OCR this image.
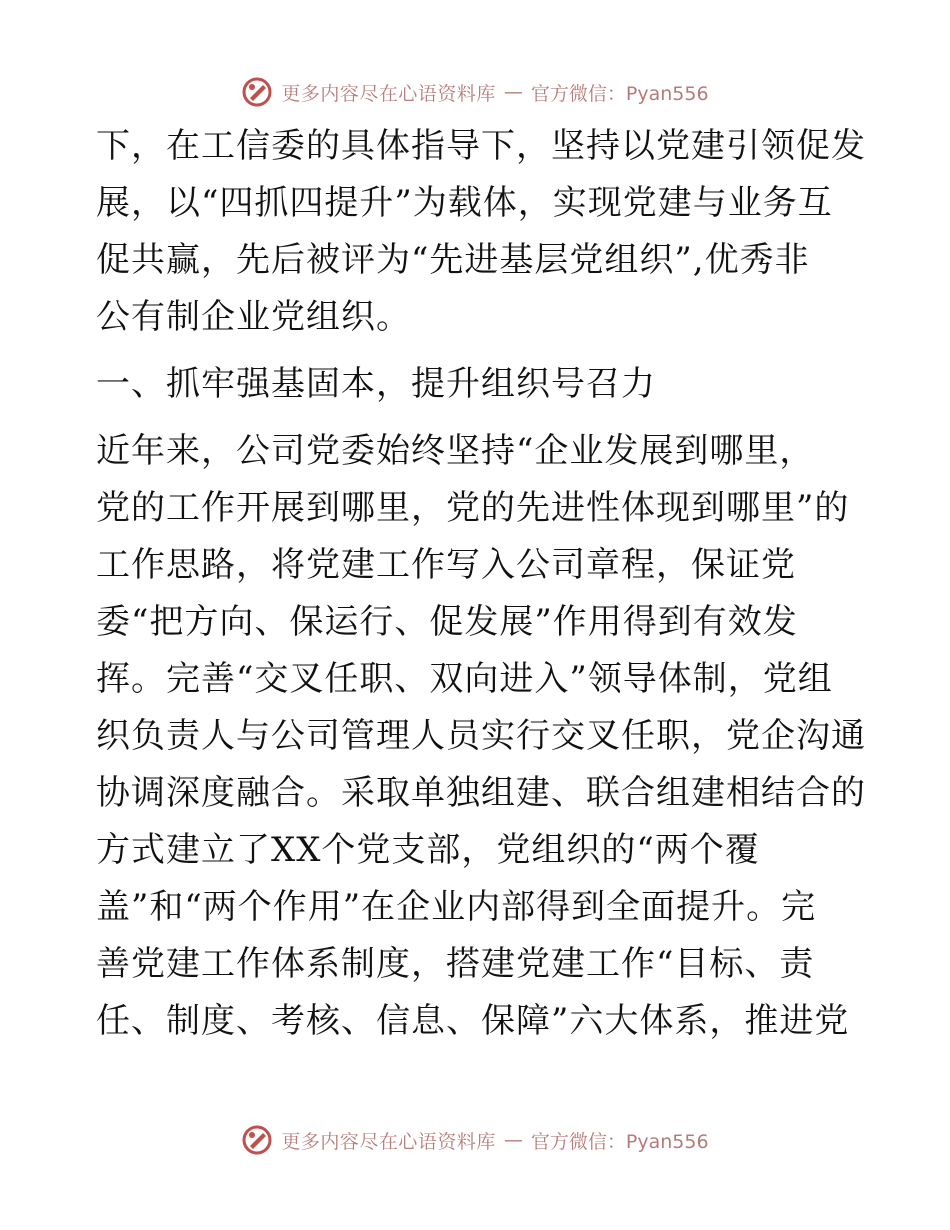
更多内容尽在心语资料库 — 官方微信：Pyan556

下，在工信委的具体指导下，坚持以党建引领促发
展，以“四抓四提升”为载体，实现党建与业务互
促共赢，先后被评为“先进基层党组织”,优秀非
公有制企业党组织。

一、抓牢强基固本，提升组织号召力

近年来，公司党委始终坚持“企业发展到哪里，
党的工作开展到哪里，党的先进性体现到哪里”的
工作思路，将党建工作写入公司章程，保证党
委“把方向、保运行、促发展”作用得到有效发
挥。完善“交叉任职、双向进入”领导体制，党组
织负责人与公司管理人员实行交叉任职，党企沟通
协调深度融合。采取单独组建、联合组建相结合的
方式建立了XX个党支部，党组织的“两个覆
盖”和“两个作用”在企业内部得到全面提升。完
善党建工作体系制度，搭建党建工作“目标、责
任、制度、考核、信息、保障”六大体系，推进党

更多内容尽在心语资料库 — 官方微信：Pyan556
